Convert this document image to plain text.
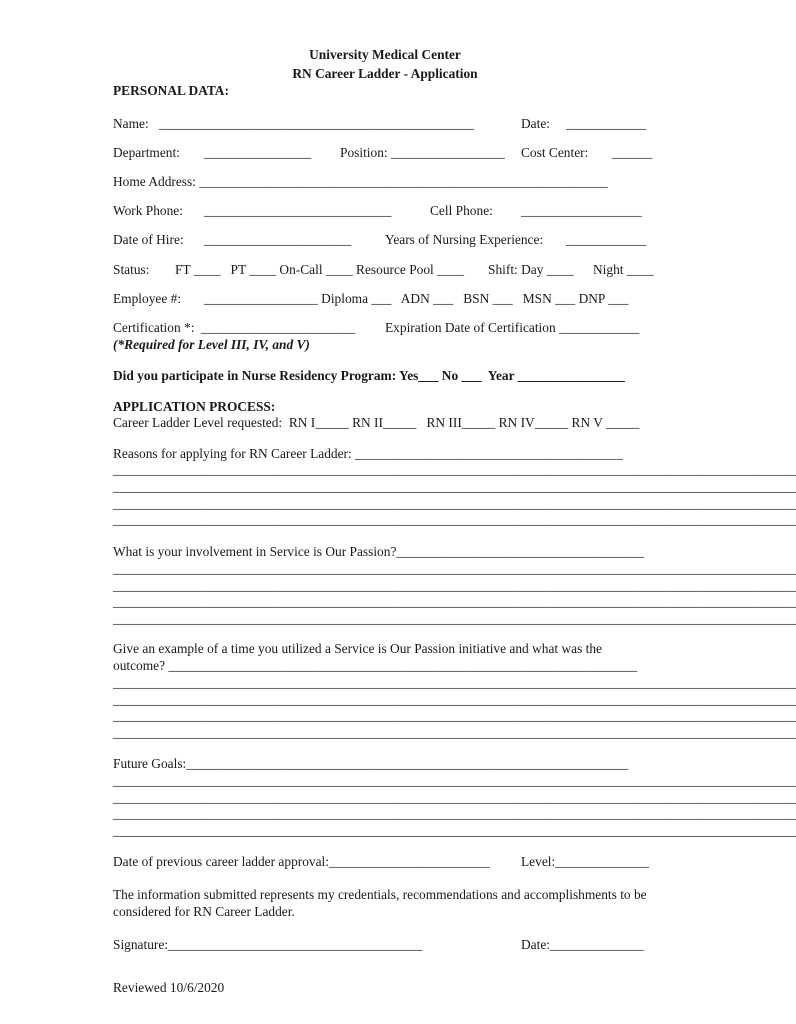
University Medical Center
RN Career Ladder - Application
PERSONAL DATA:
Name: _______________________________________________	Date: ____________
Department: ________________ Position: _________________ Cost Center: ______
Home Address: _____________________________________________________________
Work Phone: ____________________________	Cell Phone: __________________
Date of Hire: ______________________	Years of Nursing Experience: ____________
Status: FT ____   PT ____ On-Call ____ Resource Pool ____ Shift: Day ____ Night ____
Employee #: _________________ Diploma ___   ADN ___   BSN ___   MSN ___ DNP ___
Certification *:  _______________________ Expiration Date of Certification ____________
(*Required for Level III, IV, and V)
Did you participate in Nurse Residency Program: Yes___ No ___  Year ________________
APPLICATION PROCESS:
Career Ladder Level requested:  RN I_____ RN II_____   RN III_____ RN IV_____ RN V _____
Reasons for applying for RN Career Ladder: ________________________________________
______________________________________________________________________________________________________
______________________________________________________________________________________________________
______________________________________________________________________________________________________
______________________________________________________________________________________________________
What is your involvement in Service is Our Passion?_____________________________________
______________________________________________________________________________________________________
______________________________________________________________________________________________________
______________________________________________________________________________________________________
______________________________________________________________________________________________________
Give an example of a time you utilized a Service is Our Passion initiative and what was the
outcome? ______________________________________________________________________
______________________________________________________________________________________________________
______________________________________________________________________________________________________
______________________________________________________________________________________________________
______________________________________________________________________________________________________
Future Goals:__________________________________________________________________
______________________________________________________________________________________________________
______________________________________________________________________________________________________
______________________________________________________________________________________________________
______________________________________________________________________________________________________
Date of previous career ladder approval:________________________ Level:______________
The information submitted represents my credentials, recommendations and accomplishments to be considered for RN Career Ladder.
Signature:______________________________________	Date:______________
Reviewed 10/6/2020
